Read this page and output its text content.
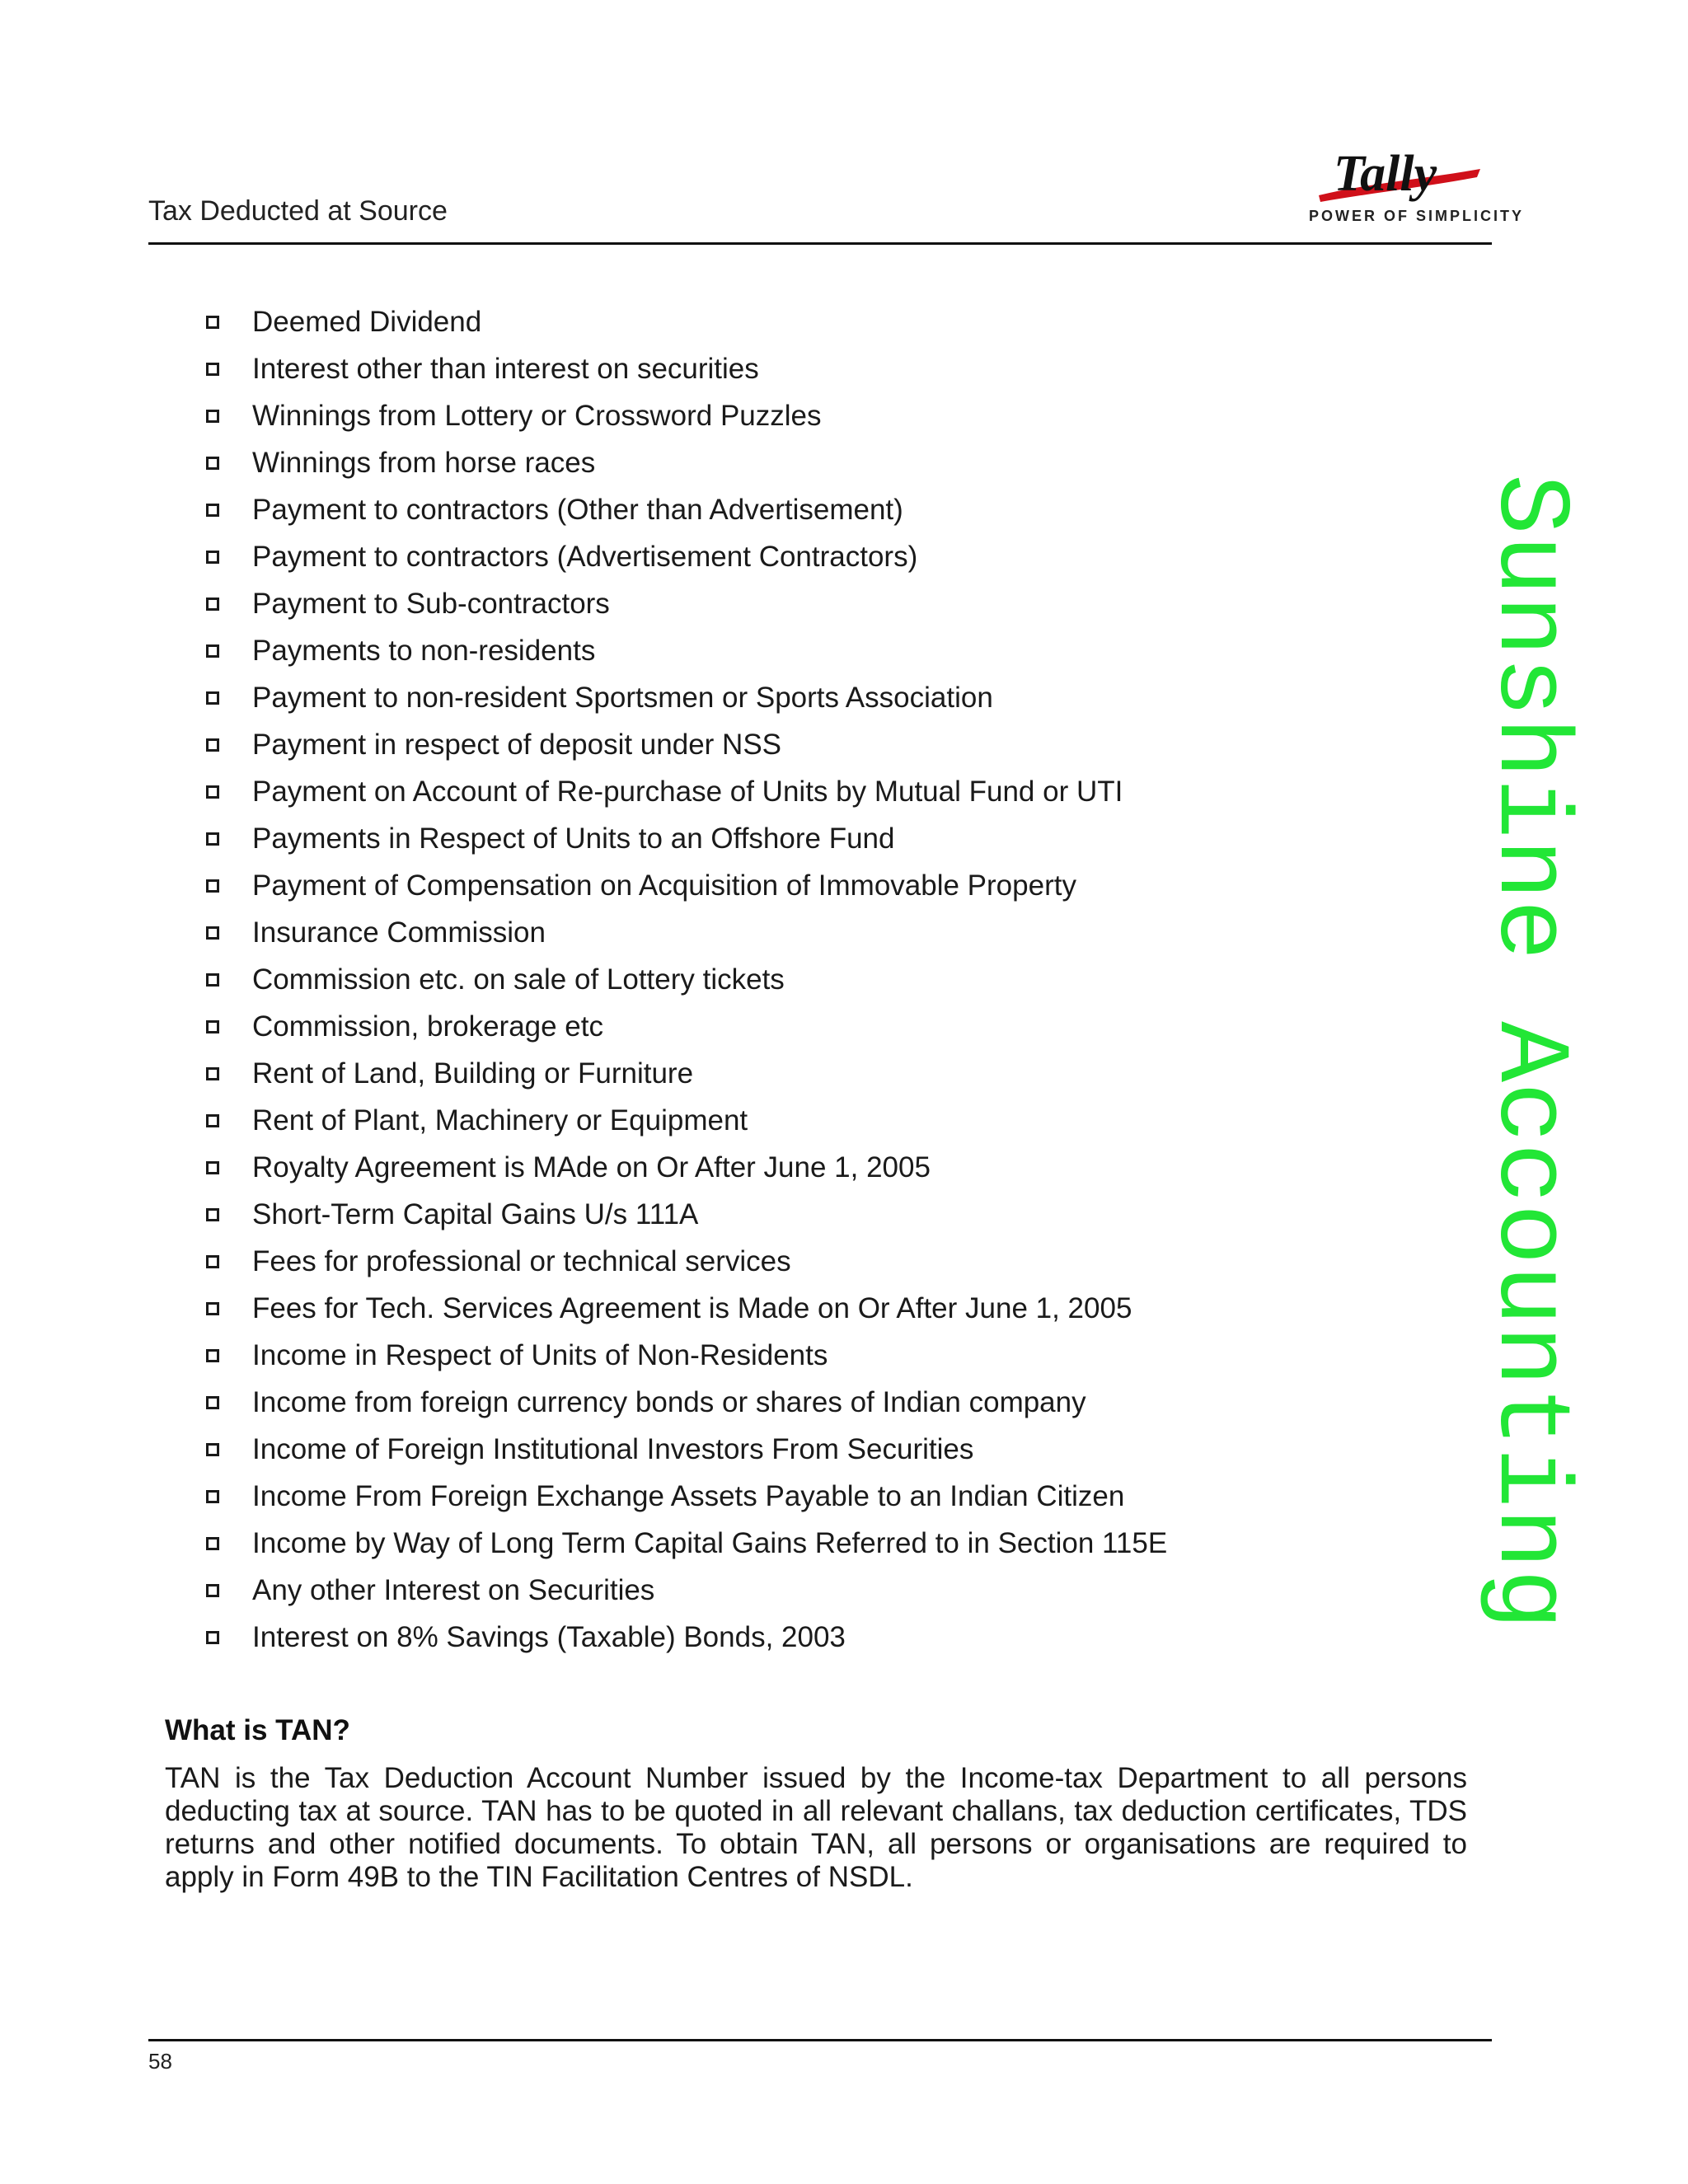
Tax Deducted at Source
Tally
POWER OF SIMPLICITY
Sunshine Accounting
Deemed Dividend
Interest other than interest on securities
Winnings from Lottery or Crossword Puzzles
Winnings from horse races
Payment to contractors (Other than Advertisement)
Payment to contractors (Advertisement Contractors)
Payment to Sub-contractors
Payments to non-residents
Payment to non-resident Sportsmen or Sports Association
Payment in respect of deposit under NSS
Payment on Account of Re-purchase of Units by Mutual Fund or UTI
Payments in Respect of Units to an Offshore Fund
Payment of Compensation on Acquisition of Immovable Property
Insurance Commission
Commission etc. on sale of Lottery tickets
Commission, brokerage etc
Rent of Land, Building or Furniture
Rent of Plant, Machinery or Equipment
Royalty Agreement is MAde on Or After June 1, 2005
Short-Term Capital Gains U/s 111A
Fees for professional or technical services
Fees for Tech. Services Agreement is Made on Or After June 1, 2005
Income in Respect of Units of Non-Residents
Income from foreign currency bonds or shares of Indian company
Income of Foreign Institutional Investors From Securities
Income From Foreign Exchange Assets Payable to an Indian Citizen
Income by Way of Long Term Capital Gains Referred to in Section 115E
Any other Interest on Securities
Interest on 8% Savings (Taxable) Bonds, 2003
What is TAN?

TAN is the Tax Deduction Account Number issued by the Income-tax Department to all persons deducting tax at source. TAN has to be quoted in all relevant challans, tax deduction certificates, TDS returns and other notified documents. To obtain TAN, all persons or organisations are required to apply in Form 49B to the TIN Facilitation Centres of NSDL.

58
